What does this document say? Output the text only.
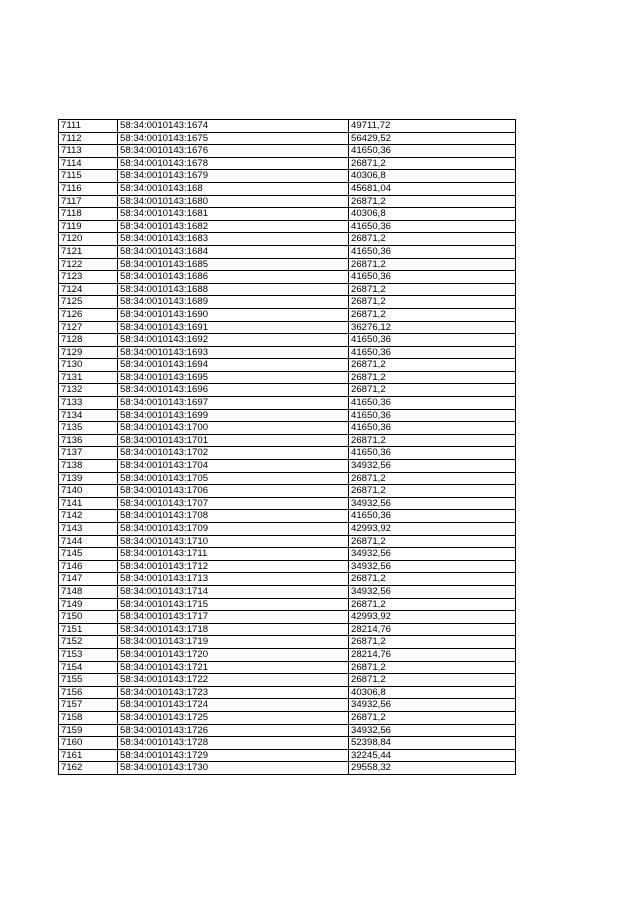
7111	58:34:0010143:1674	49711,72
7112	58:34:0010143:1675	56429,52
7113	58:34:0010143:1676	41650,36
7114	58:34:0010143:1678	26871,2
7115	58:34:0010143:1679	40306,8
7116	58:34:0010143:168	45681,04
7117	58:34:0010143:1680	26871,2
7118	58:34:0010143:1681	40306,8
7119	58:34:0010143:1682	41650,36
7120	58:34:0010143:1683	26871,2
7121	58:34:0010143:1684	41650,36
7122	58:34:0010143:1685	26871,2
7123	58:34:0010143:1686	41650,36
7124	58:34:0010143:1688	26871,2
7125	58:34:0010143:1689	26871,2
7126	58:34:0010143:1690	26871,2
7127	58:34:0010143:1691	36276,12
7128	58:34:0010143:1692	41650,36
7129	58:34:0010143:1693	41650,36
7130	58:34:0010143:1694	26871,2
7131	58:34:0010143:1695	26871,2
7132	58:34:0010143:1696	26871,2
7133	58:34:0010143:1697	41650,36
7134	58:34:0010143:1699	41650,36
7135	58:34:0010143:1700	41650,36
7136	58:34:0010143:1701	26871,2
7137	58:34:0010143:1702	41650,36
7138	58:34:0010143:1704	34932,56
7139	58:34:0010143:1705	26871,2
7140	58:34:0010143:1706	26871,2
7141	58:34:0010143:1707	34932,56
7142	58:34:0010143:1708	41650,36
7143	58:34:0010143:1709	42993,92
7144	58:34:0010143:1710	26871,2
7145	58:34:0010143:1711	34932,56
7146	58:34:0010143:1712	34932,56
7147	58:34:0010143:1713	26871,2
7148	58:34:0010143:1714	34932,56
7149	58:34:0010143:1715	26871,2
7150	58:34:0010143:1717	42993,92
7151	58:34:0010143:1718	28214,76
7152	58:34:0010143:1719	26871,2
7153	58:34:0010143:1720	28214,76
7154	58:34:0010143:1721	26871,2
7155	58:34:0010143:1722	26871,2
7156	58:34:0010143:1723	40306,8
7157	58:34:0010143:1724	34932,56
7158	58:34:0010143:1725	26871,2
7159	58:34:0010143:1726	34932,56
7160	58:34:0010143:1728	52398,84
7161	58:34:0010143:1729	32245,44
7162	58:34:0010143:1730	29558,32
